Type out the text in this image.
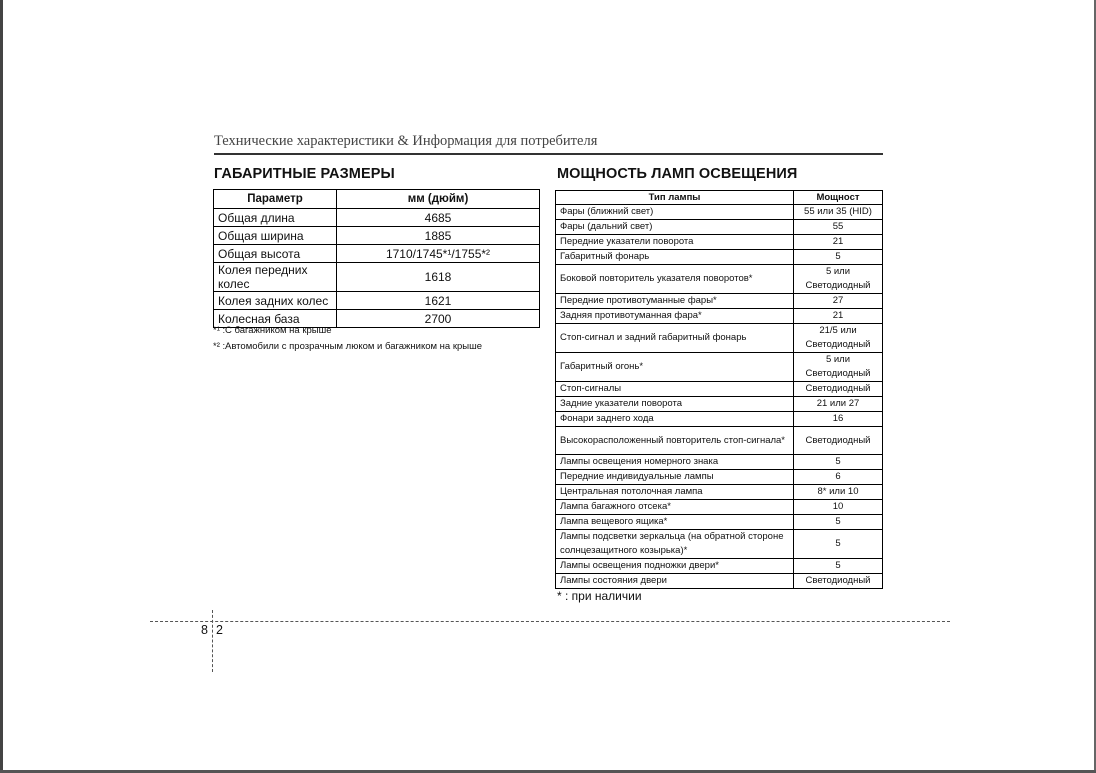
Технические характеристики & Информация для потребителя
ГАБАРИТНЫЕ РАЗМЕРЫ
Параметр	мм (дюйм)
Общая длина	4685
Общая ширина	1885
Общая высота	1710/1745*¹/1755*²
Колея передних колес	1618
Колея задних колес	1621
Колесная база	2700
*¹ : С багажником на крыше
*² : Автомобили с прозрачным люком и багажником на крыше
МОЩНОСТЬ ЛАМП ОСВЕЩЕНИЯ
Тип лампы	Мощност
Фары (ближний свет)	55 или 35 (HID)
Фары (дальний свет)	55
Передние указатели поворота	21
Габаритный фонарь	5
Боковой повторитель указателя поворотов*	5 или Светодиодный
Передние противотуманные фары*	27
Задняя противотуманная фара*	21
Стоп-сигнал и задний габаритный фонарь	21/5 или Светодиодный
Габаритный огонь*	5 или Светодиодный
Стоп-сигналы	Светодиодный
Задние указатели поворота	21 или 27
Фонари заднего хода	16
Высокорасположенный повторитель стоп-сигнала*	Светодиодный
Лампы освещения номерного знака	5
Передние индивидуальные лампы	6
Центральная потолочная лампа	8* или 10
Лампа багажного отсека*	10
Лампа вещевого ящика*	5
Лампы подсветки зеркальца (на обратной стороне солнцезащитного козырька)*	5
Лампы освещения подножки двери*	5
Лампы состояния двери	Светодиодный
* : при наличии
8 2
